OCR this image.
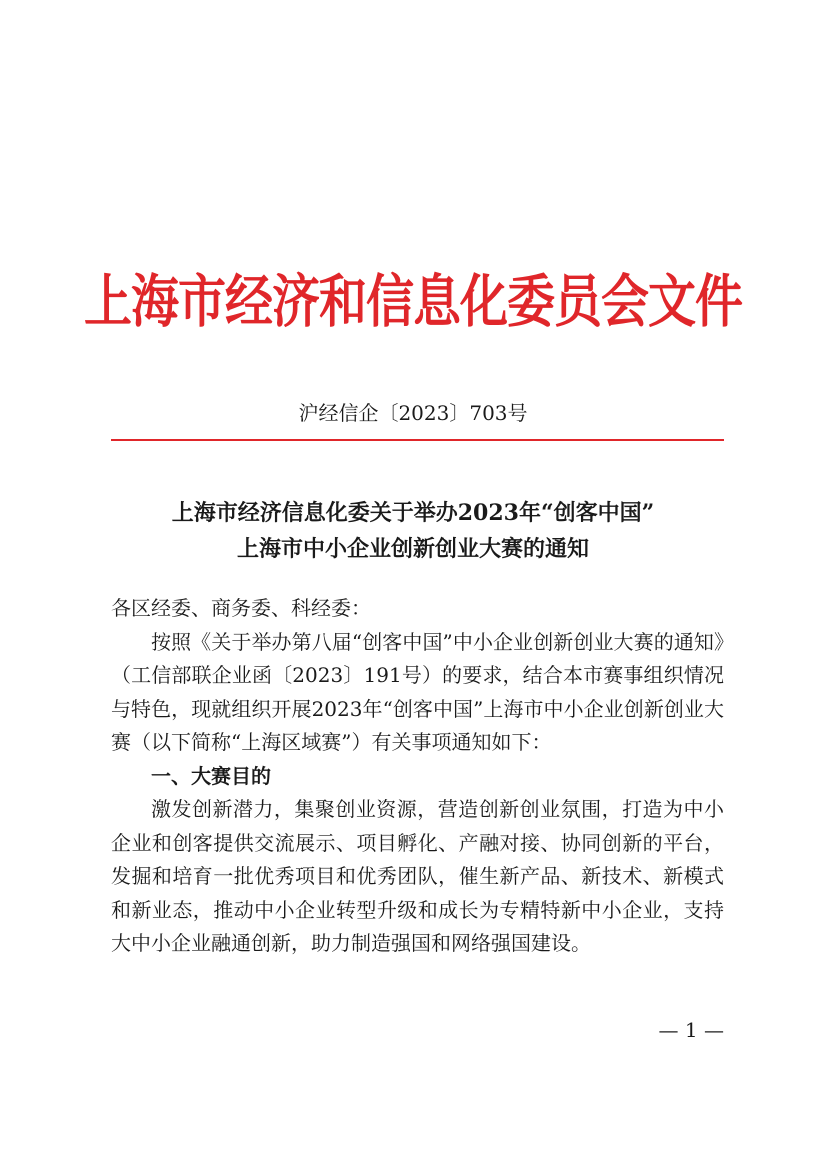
上海市经济和信息化委员会文件
沪经信企〔2023〕703号
上海市经济信息化委关于举办2023年“创客中国”
上海市中小企业创新创业大赛的通知

各区经委、商务委、科经委：

按照《关于举办第八届“创客中国”中小企业创新创业大赛的通知》（工信部联企业函〔2023〕191号）的要求，结合本市赛事组织情况与特色，现就组织开展2023年“创客中国”上海市中小企业创新创业大赛（以下简称“上海区域赛”）有关事项通知如下：

一、大赛目的

激发创新潜力，集聚创业资源，营造创新创业氛围，打造为中小企业和创客提供交流展示、项目孵化、产融对接、协同创新的平台，发掘和培育一批优秀项目和优秀团队，催生新产品、新技术、新模式和新业态，推动中小企业转型升级和成长为专精特新中小企业，支持大中小企业融通创新，助力制造强国和网络强国建设。

— 1 —
